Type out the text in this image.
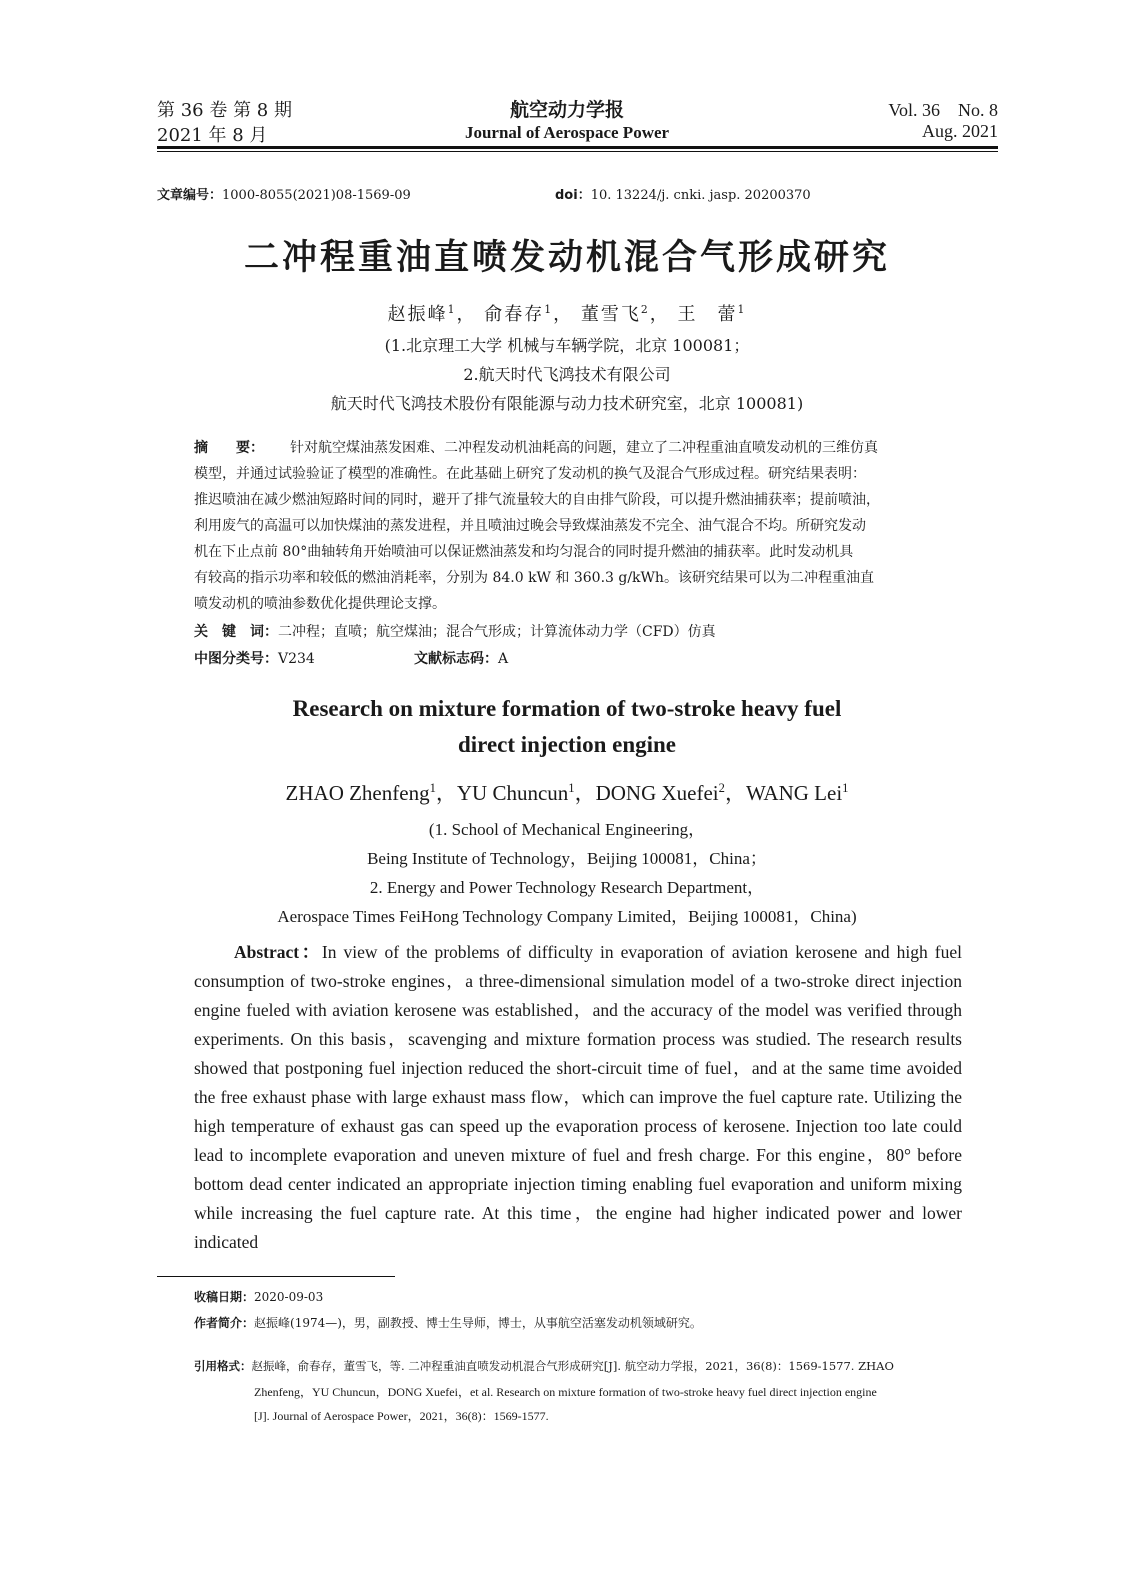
第 36 卷 第 8 期
2021 年 8 月
航空动力学报
Journal of Aerospace Power
Vol. 36　No. 8
Aug. 2021
文章编号：1000-8055(2021)08-1569-09	doi：10. 13224/j. cnki. jasp. 20200370
二冲程重油直喷发动机混合气形成研究
赵振峰$^1$， 俞春存$^1$， 董雪飞$^2$， 王　蕾$^1$
(1.北京理工大学 机械与车辆学院，北京 100081；
2.航天时代飞鸿技术有限公司
航天时代飞鸿技术股份有限能源与动力技术研究室，北京 100081)
摘　　要： 针对航空煤油蒸发困难、二冲程发动机油耗高的问题，建立了二冲程重油直喷发动机的三维仿真
模型，并通过试验验证了模型的准确性。在此基础上研究了发动机的换气及混合气形成过程。研究结果表明：
推迟喷油在减少燃油短路时间的同时，避开了排气流量较大的自由排气阶段，可以提升燃油捕获率；提前喷油，
利用废气的高温可以加快煤油的蒸发进程，并且喷油过晚会导致煤油蒸发不完全、油气混合不均。所研究发动
机在下止点前 80°曲轴转角开始喷油可以保证燃油蒸发和均匀混合的同时提升燃油的捕获率。此时发动机具
有较高的指示功率和较低的燃油消耗率，分别为 84.0 kW 和 360.3 g/kWh。该研究结果可以为二冲程重油直
喷发动机的喷油参数优化提供理论支撑。
关　键　词：二冲程；直喷；航空煤油；混合气形成；计算流体动力学（CFD）仿真
中图分类号：V234	文献标志码：A
Research on mixture formation of two-stroke heavy fuel
direct injection engine
ZHAO Zhenfeng$^1$，YU Chuncun$^1$，DONG Xuefei$^2$，WANG Lei$^1$
(1. School of Mechanical Engineering，
Being Institute of Technology，Beijing 100081，China；
2. Energy and Power Technology Research Department，
Aerospace Times FeiHong Technology Company Limited，Beijing 100081，China)
Abstract：In view of the problems of difficulty in evaporation of aviation kerosene and high fuel consumption of two-stroke engines，a three-dimensional simulation model of a two-stroke direct injection engine fueled with aviation kerosene was established，and the accuracy of the model was verified through experiments. On this basis，scavenging and mixture formation process was studied. The research results showed that postponing fuel injection reduced the short-circuit time of fuel，and at the same time avoided the free exhaust phase with large exhaust mass flow，which can improve the fuel capture rate. Utilizing the high temperature of exhaust gas can speed up the evaporation process of kerosene. Injection too late could lead to incomplete evaporation and uneven mixture of fuel and fresh charge. For this engine，80° before bottom dead center indicated an appropriate injection timing enabling fuel evaporation and uniform mixing while increasing the fuel capture rate. At this time，the engine had higher indicated power and lower indicated
收稿日期：2020-09-03
作者简介：赵振峰(1974—)，男，副教授、博士生导师，博士，从事航空活塞发动机领域研究。
引用格式：赵振峰，俞春存，董雪飞，等. 二冲程重油直喷发动机混合气形成研究[J]. 航空动力学报，2021，36(8)：1569-1577. ZHAO
Zhenfeng，YU Chuncun，DONG Xuefei，et al. Research on mixture formation of two-stroke heavy fuel direct injection engine
[J]. Journal of Aerospace Power，2021，36(8)：1569-1577.
